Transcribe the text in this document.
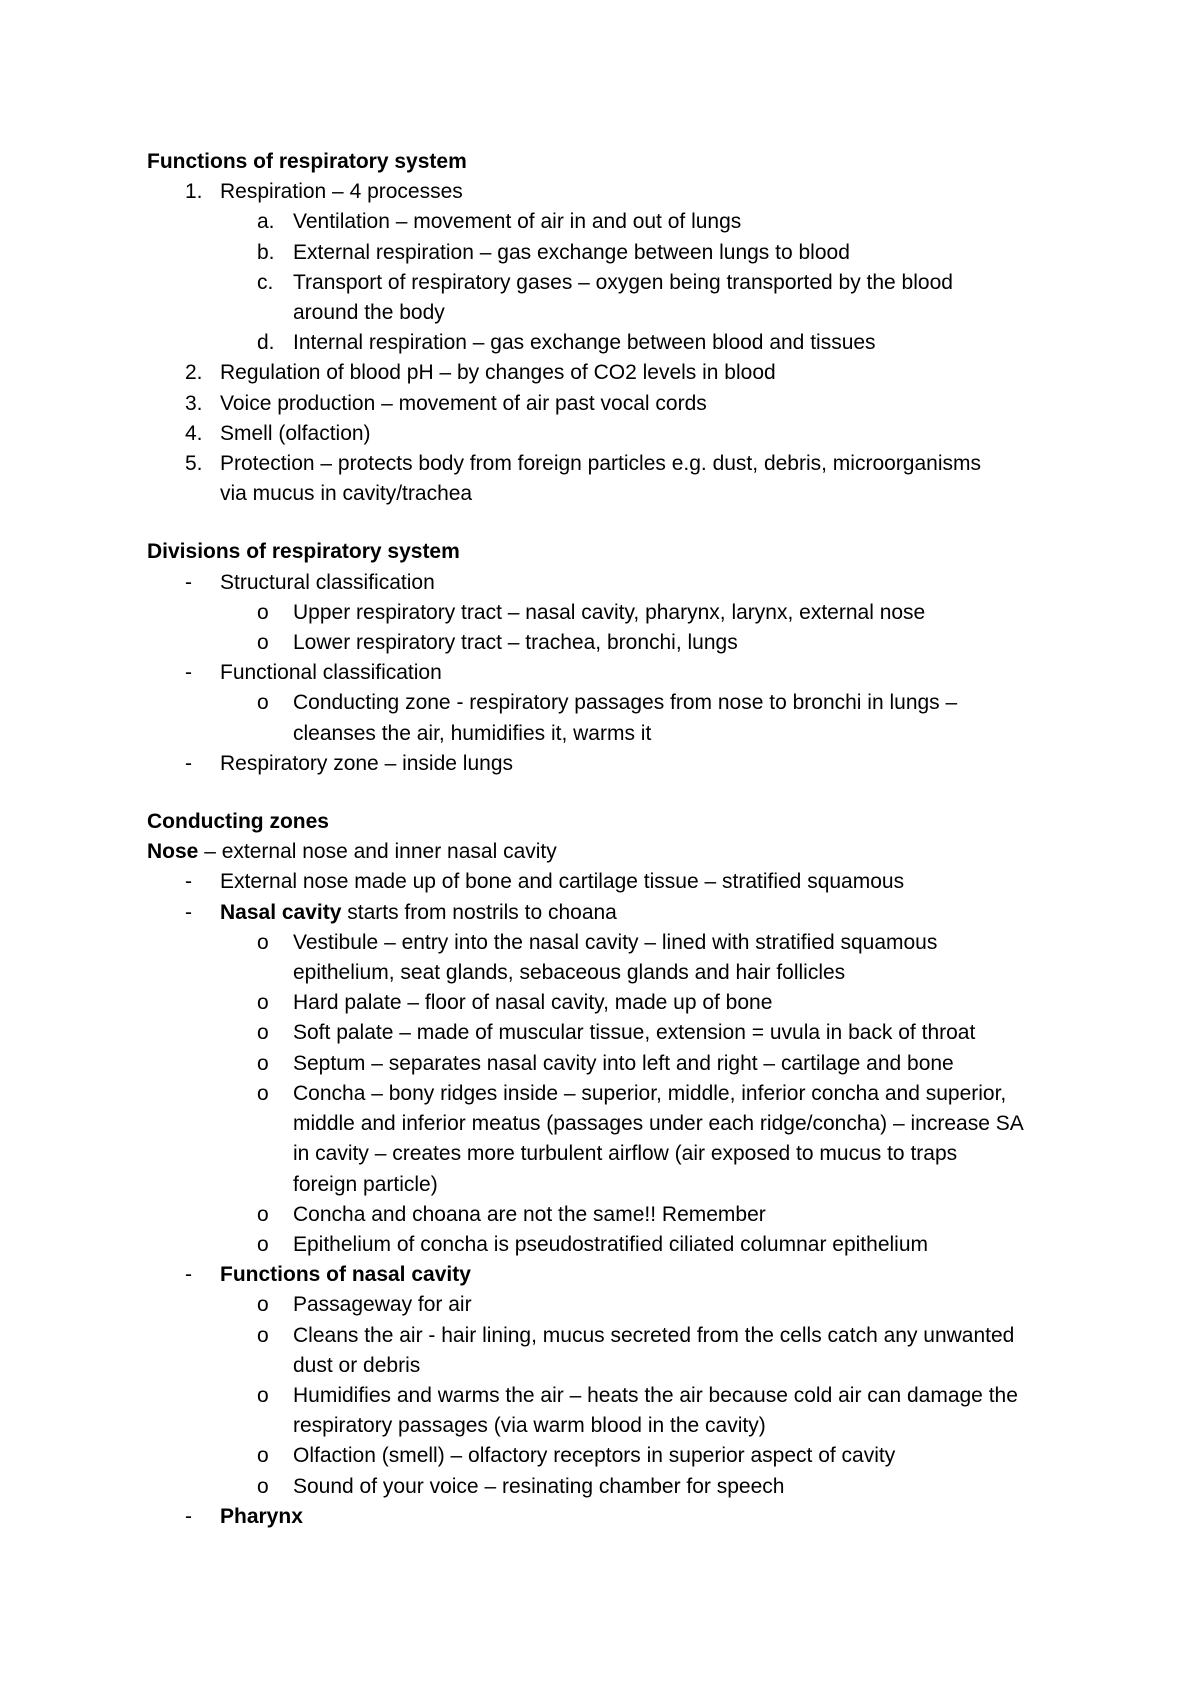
Functions of respiratory system
1. Respiration – 4 processes
a. Ventilation – movement of air in and out of lungs
b. External respiration – gas exchange between lungs to blood
c. Transport of respiratory gases – oxygen being transported by the blood
around the body
d. Internal respiration – gas exchange between blood and tissues
2. Regulation of blood pH – by changes of CO2 levels in blood
3. Voice production – movement of air past vocal cords
4. Smell (olfaction)
5. Protection – protects body from foreign particles e.g. dust, debris, microorganisms
via mucus in cavity/trachea
Divisions of respiratory system
- Structural classification
o Upper respiratory tract – nasal cavity, pharynx, larynx, external nose
o Lower respiratory tract – trachea, bronchi, lungs
- Functional classification
o Conducting zone - respiratory passages from nose to bronchi in lungs –
cleanses the air, humidifies it, warms it
- Respiratory zone – inside lungs
Conducting zones
Nose – external nose and inner nasal cavity
- External nose made up of bone and cartilage tissue – stratified squamous
- Nasal cavity starts from nostrils to choana
o Vestibule – entry into the nasal cavity – lined with stratified squamous
epithelium, seat glands, sebaceous glands and hair follicles
o Hard palate – floor of nasal cavity, made up of bone
o Soft palate – made of muscular tissue, extension = uvula in back of throat
o Septum – separates nasal cavity into left and right – cartilage and bone
o Concha – bony ridges inside – superior, middle, inferior concha and superior,
middle and inferior meatus (passages under each ridge/concha) – increase SA
in cavity – creates more turbulent airflow (air exposed to mucus to traps
foreign particle)
o Concha and choana are not the same!! Remember
o Epithelium of concha is pseudostratified ciliated columnar epithelium
- Functions of nasal cavity
o Passageway for air
o Cleans the air - hair lining, mucus secreted from the cells catch any unwanted
dust or debris
o Humidifies and warms the air – heats the air because cold air can damage the
respiratory passages (via warm blood in the cavity)
o Olfaction (smell) – olfactory receptors in superior aspect of cavity
o Sound of your voice – resinating chamber for speech
- Pharynx
